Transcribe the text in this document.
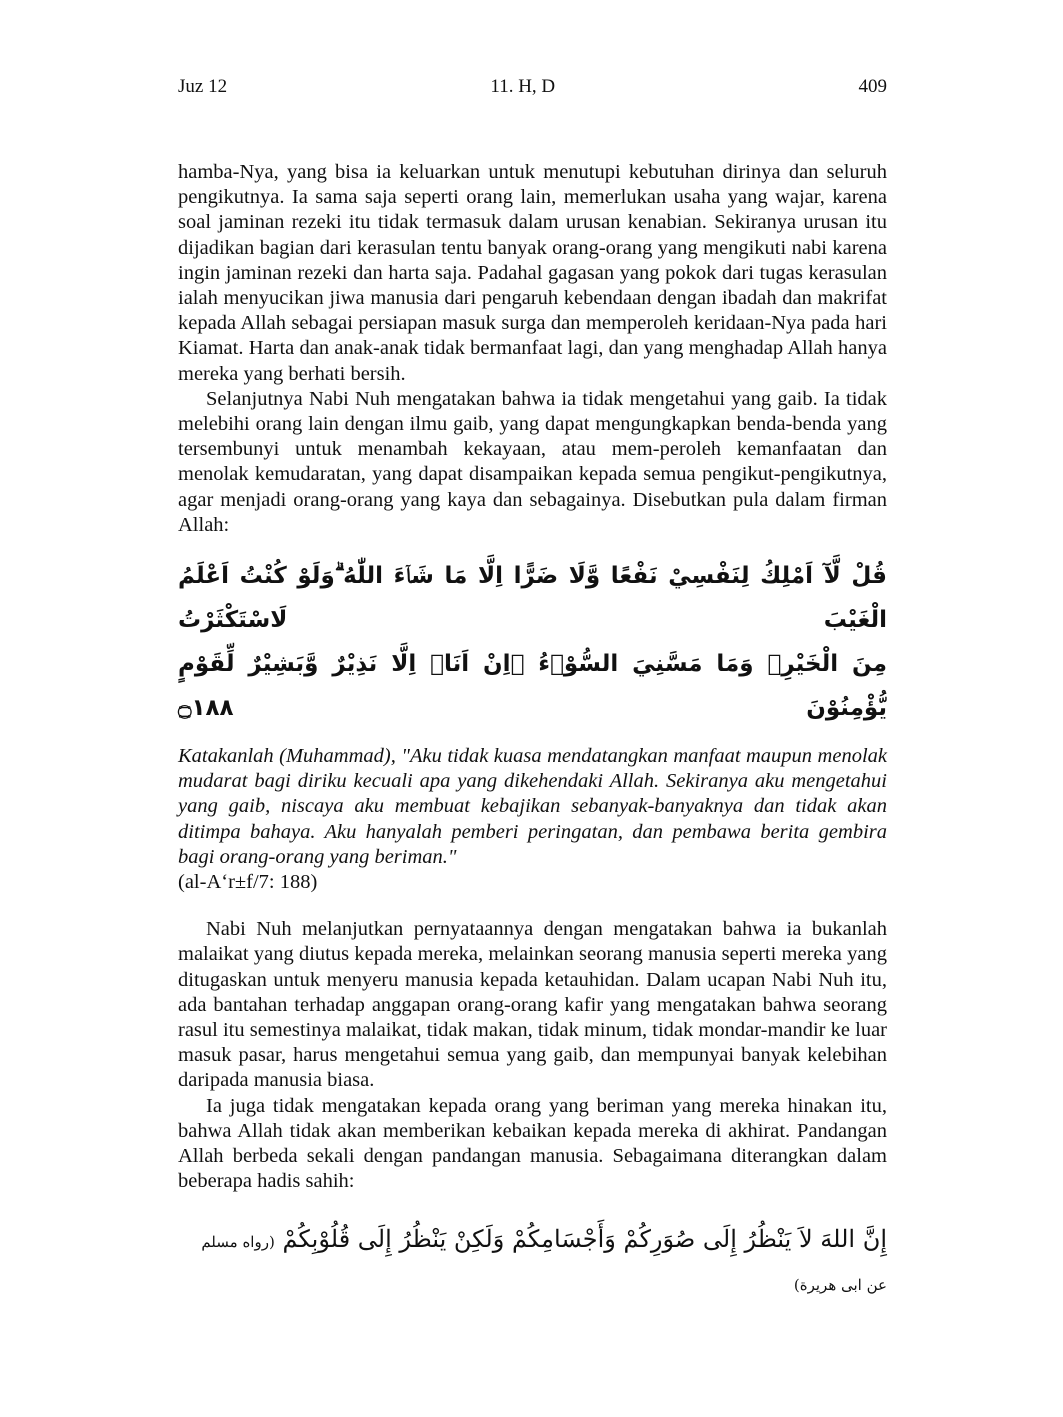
Juz 12	11. H, D	409

hamba-Nya, yang bisa ia keluarkan untuk menutupi kebutuhan dirinya dan seluruh pengikutnya. Ia sama saja seperti orang lain, memerlukan usaha yang wajar, karena soal jaminan rezeki itu tidak termasuk dalam urusan kenabian. Sekiranya urusan itu dijadikan bagian dari kerasulan tentu banyak orang-orang yang mengikuti nabi karena ingin jaminan rezeki dan harta saja. Padahal gagasan yang pokok dari tugas kerasulan ialah menyucikan jiwa manusia dari pengaruh kebendaan dengan ibadah dan makrifat kepada Allah sebagai persiapan masuk surga dan memperoleh keridaan-Nya pada hari Kiamat. Harta dan anak-anak tidak bermanfaat lagi, dan yang menghadap Allah hanya mereka yang berhati bersih.

Selanjutnya Nabi Nuh mengatakan bahwa ia tidak mengetahui yang gaib. Ia tidak melebihi orang lain dengan ilmu gaib, yang dapat mengungkapkan benda-benda yang tersembunyi untuk menambah kekayaan, atau mem-peroleh kemanfaatan dan menolak kemudaratan, yang dapat disampaikan kepada semua pengikut-pengikutnya, agar menjadi orang-orang yang kaya dan sebagainya. Disebutkan pula dalam firman Allah:

قُلْ لَّآ اَمْلِكُ لِنَفْسِيْ نَفْعًا وَّلَا ضَرًّا اِلَّا مَا شَاۤءَ اللّٰهُ ۗوَلَوْ كُنْتُ اَعْلَمُ الْغَيْبَ لَاسْتَكْثَرْتُ
مِنَ الْخَيْرِۚ وَمَا مَسَّنِيَ السُّوْۤءُ ۛاِنْ اَنَا۠ اِلَّا نَذِيْرٌ وَّبَشِيْرٌ لِّقَوْمٍ يُّؤْمِنُوْنَ ۝١٨٨

Katakanlah (Muhammad), "Aku tidak kuasa mendatangkan manfaat maupun menolak mudarat bagi diriku kecuali apa yang dikehendaki Allah. Sekiranya aku mengetahui yang gaib, niscaya aku membuat kebajikan sebanyak-banyaknya dan tidak akan ditimpa bahaya. Aku hanyalah pemberi peringatan, dan pembawa berita gembira bagi orang-orang yang beriman."

(al-A‘r±f/7: 188)

Nabi Nuh melanjutkan pernyataannya dengan mengatakan bahwa ia bukanlah malaikat yang diutus kepada mereka, melainkan seorang manusia seperti mereka yang ditugaskan untuk menyeru manusia kepada ketauhidan. Dalam ucapan Nabi Nuh itu, ada bantahan terhadap anggapan orang-orang kafir yang mengatakan bahwa seorang rasul itu semestinya malaikat, tidak makan, tidak minum, tidak mondar-mandir ke luar masuk pasar, harus mengetahui semua yang gaib, dan mempunyai banyak kelebihan daripada manusia biasa.

Ia juga tidak mengatakan kepada orang yang beriman yang mereka hinakan itu, bahwa Allah tidak akan memberikan kebaikan kepada mereka di akhirat. Pandangan Allah berbeda sekali dengan pandangan manusia. Sebagaimana diterangkan dalam beberapa hadis sahih:

إِنَّ اللهَ لاَ يَنْظُرُ إِلَى صُوَرِكُمْ وَأَجْسَامِكُمْ وَلَكِنْ يَنْظُرُ إِلَى قُلُوْبِكُمْ (رواه مسلم عن ابى هريرة)
